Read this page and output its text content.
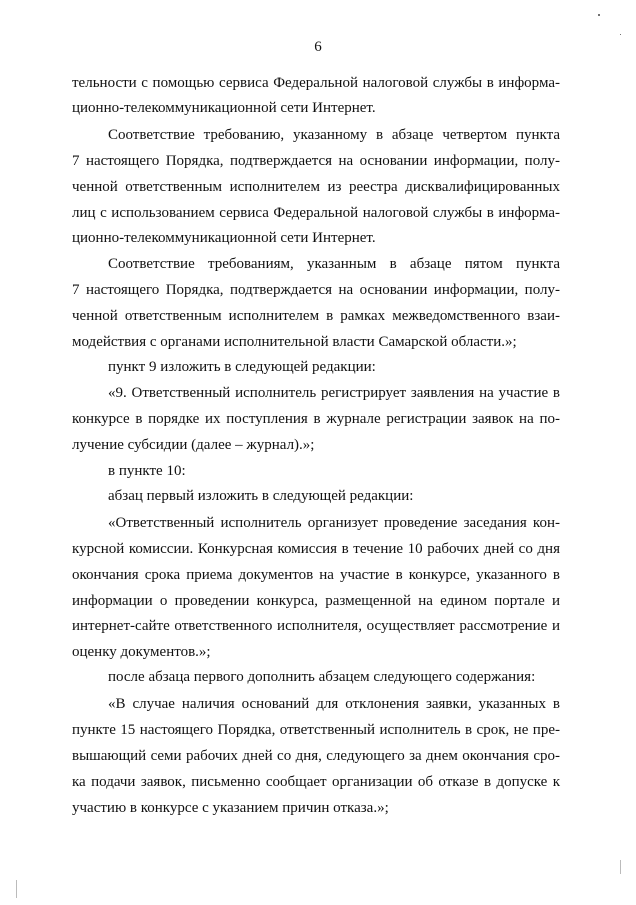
6
тельности с помощью сервиса Федеральной налоговой службы в информа-
ционно-телекоммуникационной сети Интернет.
Соответствие требованию, указанному в абзаце четвертом пункта
7 настоящего Порядка, подтверждается на основании информации, полу-
ченной ответственным исполнителем из реестра дисквалифицированных
лиц с использованием сервиса Федеральной налоговой службы в информа-
ционно-телекоммуникационной сети Интернет.
Соответствие требованиям, указанным в абзаце пятом пункта
7 настоящего Порядка, подтверждается на основании информации, полу-
ченной ответственным исполнителем в рамках межведомственного взаи-
модействия с органами исполнительной власти Самарской области.»;
пункт 9 изложить в следующей редакции:
«9. Ответственный исполнитель регистрирует заявления на участие в
конкурсе в порядке их поступления в журнале регистрации заявок на по-
лучение субсидии (далее – журнал).»;
в пункте 10:
абзац первый изложить в следующей редакции:
«Ответственный исполнитель организует проведение заседания кон-
курсной комиссии. Конкурсная комиссия в течение 10 рабочих дней со дня
окончания срока приема документов на участие в конкурсе, указанного в
информации о проведении конкурса, размещенной на едином портале и
интернет-сайте ответственного исполнителя, осуществляет рассмотрение и
оценку документов.»;
после абзаца первого дополнить абзацем следующего содержания:
«В случае наличия оснований для отклонения заявки, указанных в
пункте 15 настоящего Порядка, ответственный исполнитель в срок, не пре-
вышающий семи рабочих дней со дня, следующего за днем окончания сро-
ка подачи заявок, письменно сообщает организации об отказе в допуске к
участию в конкурсе с указанием причин отказа.»;
